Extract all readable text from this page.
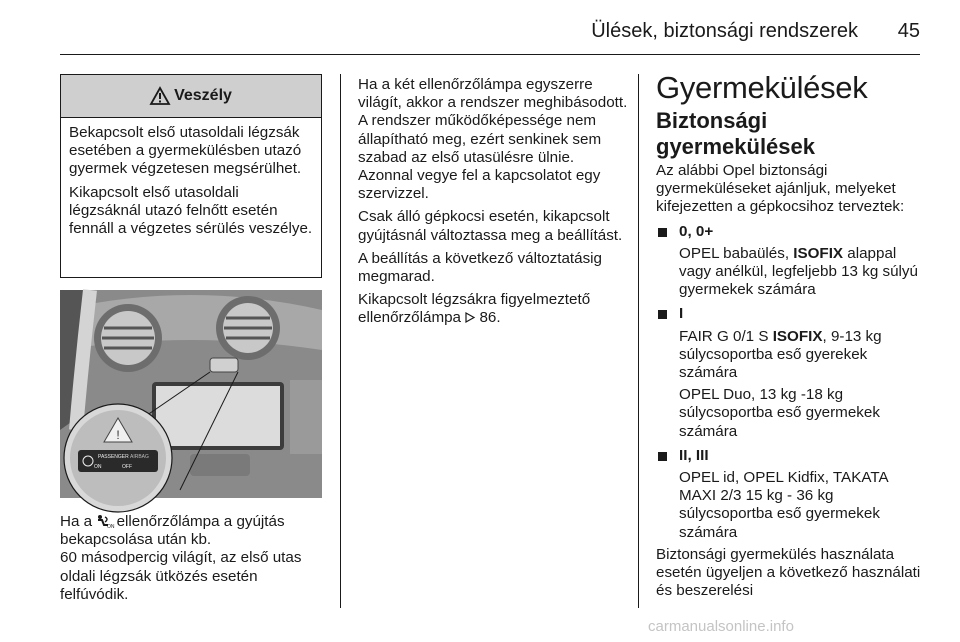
Ülések, biztonsági rendszerek 45
Veszély

Bekapcsolt első utasoldali légzsák esetében a gyermekülésben utazó gyermek végzetesen megsérülhet.

Kikapcsolt első utasoldali légzsáknál utazó felnőtt esetén fennáll a végzetes sérülés veszélye.

!
PASSENGER AIRBAG
ON	OFF

Ha a	ON ellenőrzőlámpa a gyújtás bekapcsolása után kb.

60 másodpercig világít, az első utas oldali légzsák ütközés esetén felfúvódik.

Ha a két ellenőrzőlámpa egyszerre világít, akkor a rendszer meghibásodott. A rendszer működőképessége nem állapítható meg, ezért senkinek sem szabad az első utasülésre ülnie. Azonnal vegye fel a kapcsolatot egy szervizzel.

Csak álló gépkocsi esetén, kikapcsolt gyújtásnál változtassa meg a beállítást.

A beállítás a következő változtatásig megmarad.

Kikapcsolt légzsákra figyelmeztető ellenőrzőlámpa 86.

Gyermekülések
Biztonsági gyermekülések

Az alábbi Opel biztonsági gyermeküléseket ajánljuk, melyeket kifejezetten a gépkocsihoz terveztek:

0, 0+
OPEL babaülés, ISOFIX alappal vagy anélkül, legfeljebb 13 kg súlyú gyermekek számára
I
FAIR G 0/1 S ISOFIX, 9-13 kg súlycsoportba eső gyerekek számára
OPEL Duo, 13 kg -18 kg súlycsoportba eső gyermekek számára
II, III
OPEL id, OPEL Kidfix, TAKATA MAXI 2/3 15 kg - 36 kg súlycsoportba eső gyermekek számára

Biztonsági gyermekülés használata esetén ügyeljen a következő használati és beszerelési

carmanualsonline.info
